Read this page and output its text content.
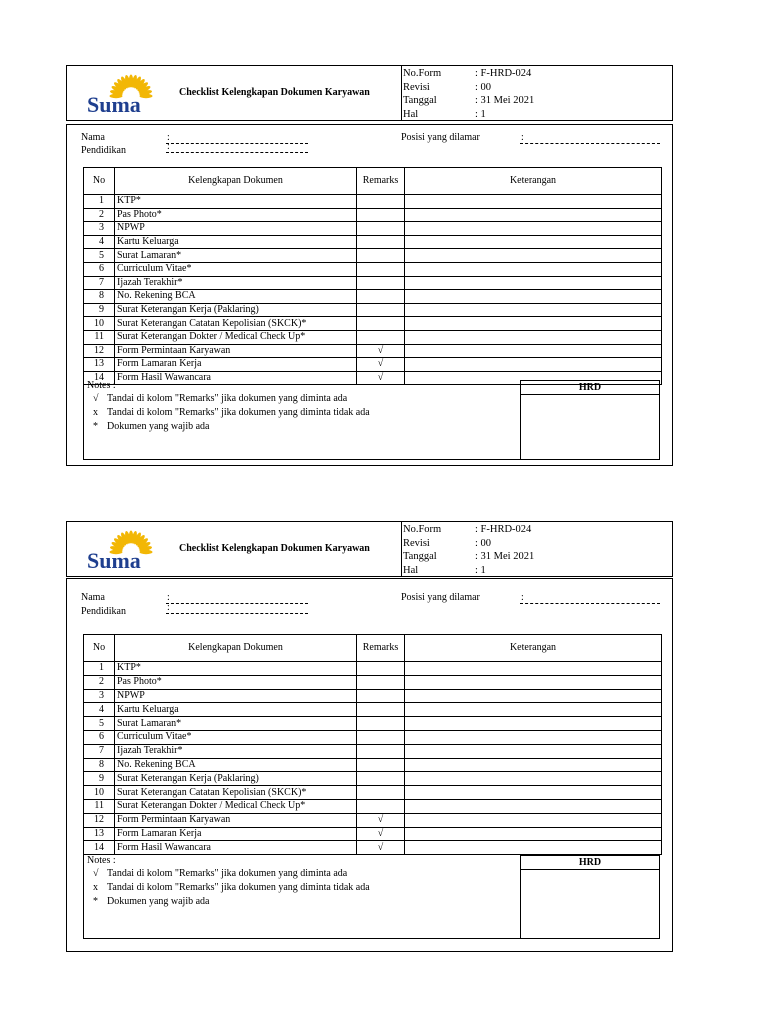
Suma	Checklist Kelengkapan Dokumen Karyawan
No.Form	: F-HRD-024
Revisi	: 00
Tanggal	: 31 Mei 2021
Hal	: 1
Nama	:
Pendidikan	:
Posisi yang dilamar	:
No	Kelengkapan Dokumen	Remarks	Keterangan
1	KTP*		
2	Pas Photo*		
3	NPWP		
4	Kartu Keluarga		
5	Surat Lamaran*		
6	Curriculum Vitae*		
7	Ijazah Terakhir*		
8	No. Rekening BCA		
9	Surat Keterangan Kerja (Paklaring)		
10	Surat Keterangan Catatan Kepolisian (SKCK)*		
11	Surat Keterangan Dokter / Medical Check Up*		
12	Form Permintaan Karyawan	√	
13	Form Lamaran Kerja	√	
14	Form Hasil Wawancara	√	
Notes :
√ Tandai di kolom "Remarks" jika dokumen yang diminta ada
x Tandai di kolom "Remarks" jika dokumen yang diminta tidak ada
* Dokumen yang wajib ada
HRD
Suma	Checklist Kelengkapan Dokumen Karyawan
No.Form	: F-HRD-024
Revisi	: 00
Tanggal	: 31 Mei 2021
Hal	: 1
Nama	:
Pendidikan	:
Posisi yang dilamar	:
No	Kelengkapan Dokumen	Remarks	Keterangan
1	KTP*		
2	Pas Photo*		
3	NPWP		
4	Kartu Keluarga		
5	Surat Lamaran*		
6	Curriculum Vitae*		
7	Ijazah Terakhir*		
8	No. Rekening BCA		
9	Surat Keterangan Kerja (Paklaring)		
10	Surat Keterangan Catatan Kepolisian (SKCK)*		
11	Surat Keterangan Dokter / Medical Check Up*		
12	Form Permintaan Karyawan	√	
13	Form Lamaran Kerja	√	
14	Form Hasil Wawancara	√	
Notes :
√ Tandai di kolom "Remarks" jika dokumen yang diminta ada
x Tandai di kolom "Remarks" jika dokumen yang diminta tidak ada
* Dokumen yang wajib ada
HRD
